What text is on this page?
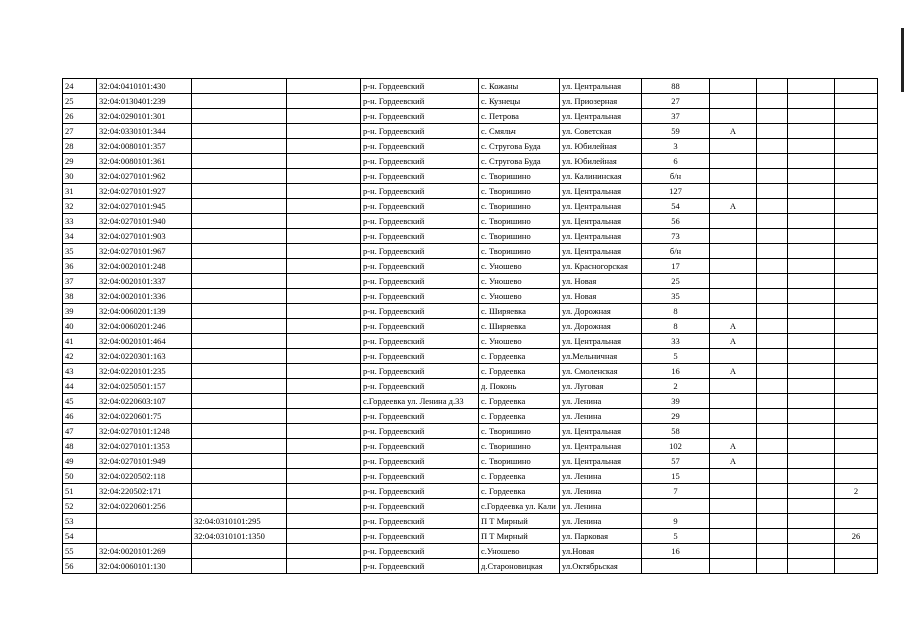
24	32:04:0410101:430			р-н. Гордеевский	с. Кожаны	ул. Центральная	88				
25	32:04:0130401:239			р-н. Гордеевский	с. Кузнецы	ул. Приозерная	27				
26	32:04:0290101:301			р-н. Гордеевский	с. Петрова	ул. Центральная	37				
27	32:04:0330101:344			р-н. Гордеевский	с. Смяльч	ул. Советская	59	А			
28	32:04:0080101:357			р-н. Гордеевский	с. Струговa Буда	ул. Юбилейная	3				
29	32:04:0080101:361			р-н. Гордеевский	с. Струговa Буда	ул. Юбилейная	6				
30	32:04:0270101:962			р-н. Гордеевский	с. Творишино	ул. Калининская	б/н				
31	32:04:0270101:927			р-н. Гордеевский	с. Творишино	ул. Центральная	127				
32	32:04:0270101:945			р-н. Гордеевский	с. Творишино	ул. Центральная	54	А			
33	32:04:0270101:940			р-н. Гордеевский	с. Творишино	ул. Центральная	56				
34	32:04:0270101:903			р-н. Гордеевский	с. Творишино	ул. Центральная	73				
35	32:04:0270101:967			р-н. Гордеевский	с. Творишино	ул. Центральная	б/н				
36	32:04:0020101:248			р-н. Гордеевский	с. Уношево	ул. Красногорская	17				
37	32:04:0020101:337			р-н. Гордеевский	с. Уношево	ул. Новая	25				
38	32:04:0020101:336			р-н. Гордеевский	с. Уношево	ул. Новая	35				
39	32:04:0060201:139			р-н. Гордеевский	с. Ширяевка	ул. Дорожная	8				
40	32:04:0060201:246			р-н. Гордеевский	с. Ширяевка	ул. Дорожная	8	А			
41	32:04:0020101:464			р-н. Гордеевский	с. Уношево	ул. Центральная	33	А			
42	32:04:0220301:163			р-н. Гордеевский	с. Гордеевка	ул.Мельничная	5				
43	32:04:0220101:235			р-н. Гордеевский	с. Гордеевка	ул. Смоленская	16	А			
44	32:04:0250501:157			р-н. Гордеевский	д. Поконь	ул. Луговая	2				
45	32:04:0220603:107			с.Гордеевка ул. Ленина д.33	с. Гордеевка	ул. Ленина	39				
46	32:04:0220601:75			р-н. Гордеевский	с. Гордеевка	ул. Ленина	29				
47	32:04:0270101:1248			р-н. Гордеевский	с. Творишино	ул. Центральная	58				
48	32:04:0270101:1353			р-н. Гордеевский	с. Творишино	ул. Центральная	102	А			
49	32:04:0270101:949			р-н. Гордеевский	с. Творишино	ул. Центральная	57	А			
50	32:04:0220502:118			р-н. Гордеевский	с. Гордеевка	ул. Ленина	15				
51	32:04:220502:171			р-н. Гордеевский	с. Гордеевка	ул. Ленина	7				2
52	32:04:0220601:256			р-н. Гордеевский	с.Гордеевка ул. Кали	ул. Ленина					
53		32:04:0310101:295		р-н. Гордеевский	П Т Мирный	ул. Ленина	9				
54		32:04:0310101:1350		р-н. Гордеевский	П Т Мирный	ул. Парковая	5				26
55	32:04:0020101:269			р-н. Гордеевский	с.Уношево	ул.Новая	16				
56	32:04:0060101:130			р-н. Гордеевский	д.Староновицкая	ул.Октябрьская					
